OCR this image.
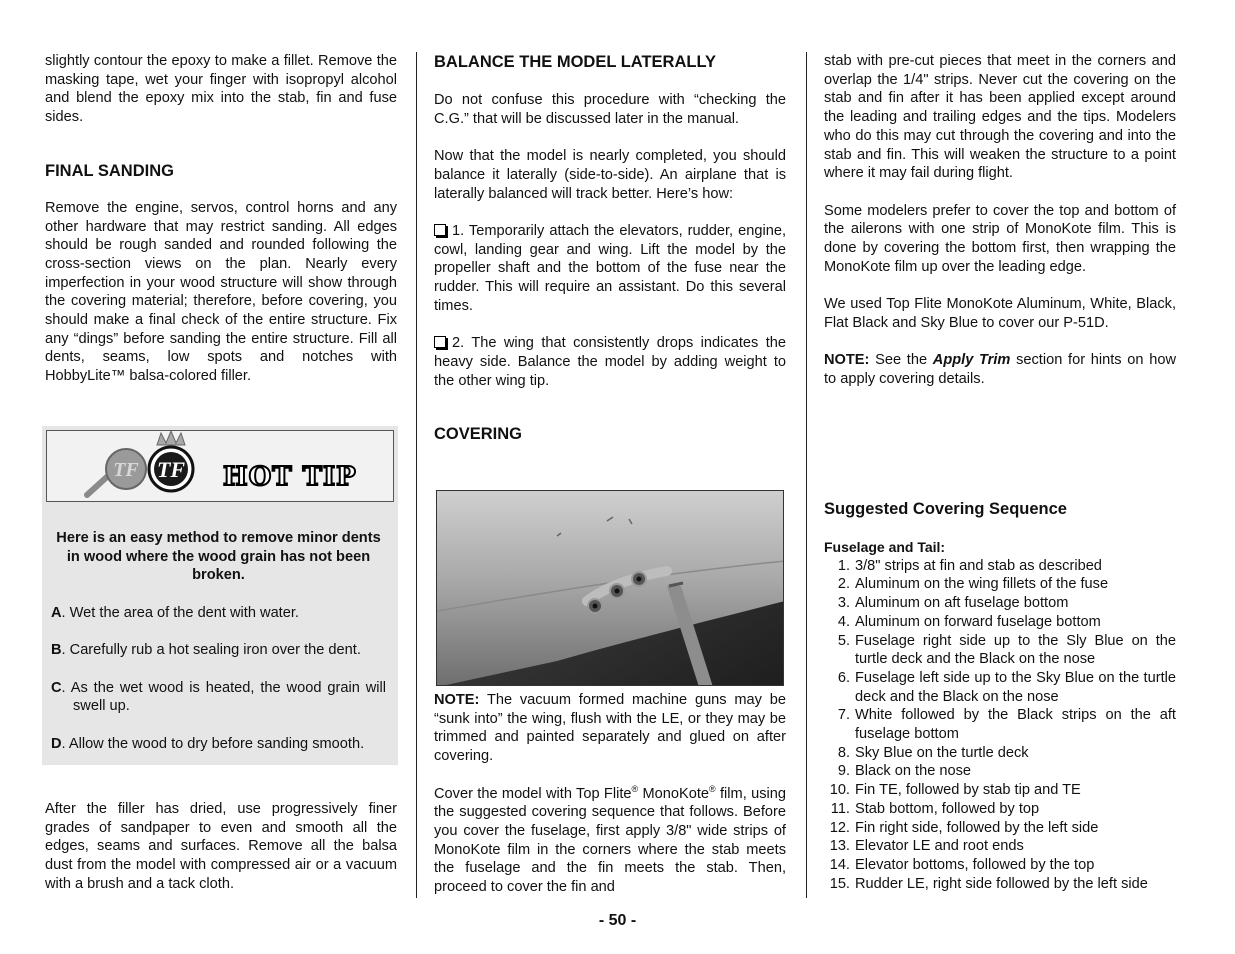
slightly contour the epoxy to make a fillet. Remove the masking tape, wet your finger with isopropyl alcohol and blend the epoxy mix into the stab, fin and fuse sides.

FINAL SANDING

Remove the engine, servos, control horns and any other hardware that may restrict sanding. All edges should be rough sanded and rounded following the cross-section views on the plan. Nearly every imperfection in your wood structure will show through the covering material; therefore, before covering, you should make a final check of the entire structure. Fix any “dings” before sanding the entire structure. Fill all dents, seams, low spots and notches with HobbyLite™ balsa-colored filler.

TF TF HOT TIP

Here is an easy method to remove minor dents in wood where the wood grain has not been broken.

A. Wet the area of the dent with water.

B. Carefully rub a hot sealing iron over the dent.

C. As the wet wood is heated, the wood grain will swell up.

D. Allow the wood to dry before sanding smooth.

After the filler has dried, use progressively finer grades of sandpaper to even and smooth all the edges, seams and surfaces. Remove all the balsa dust from the model with compressed air or a vacuum with a brush and a tack cloth.

BALANCE THE MODEL LATERALLY

Do not confuse this procedure with “checking the C.G.” that will be discussed later in the manual.

Now that the model is nearly completed, you should balance it laterally (side-to-side). An airplane that is laterally balanced will track better. Here’s how:

1. Temporarily attach the elevators, rudder, engine, cowl, landing gear and wing. Lift the model by the propeller shaft and the bottom of the fuse near the rudder. This will require an assistant. Do this several times.

2. The wing that consistently drops indicates the heavy side. Balance the model by adding weight to the other wing tip.

COVERING

NOTE: The vacuum formed machine guns may be “sunk into” the wing, flush with the LE, or they may be trimmed and painted separately and glued on after covering.

Cover the model with Top Flite® MonoKote® film, using the suggested covering sequence that follows. Before you cover the fuselage, first apply 3/8" wide strips of MonoKote film in the corners where the stab meets the fuselage and the fin meets the stab. Then, proceed to cover the fin and

stab with pre-cut pieces that meet in the corners and overlap the 1/4" strips. Never cut the covering on the stab and fin after it has been applied except around the leading and trailing edges and the tips. Modelers who do this may cut through the covering and into the stab and fin. This will weaken the structure to a point where it may fail during flight.

Some modelers prefer to cover the top and bottom of the ailerons with one strip of MonoKote film. This is done by covering the bottom first, then wrapping the MonoKote film up over the leading edge.

We used Top Flite MonoKote Aluminum, White, Black, Flat Black and Sky Blue to cover our P-51D.

NOTE: See the Apply Trim section for hints on how to apply covering details.

Suggested Covering Sequence
Fuselage and Tail:
1. 3/8" strips at fin and stab as described
2. Aluminum on the wing fillets of the fuse
3. Aluminum on aft fuselage bottom
4. Aluminum on forward fuselage bottom
5. Fuselage right side up to the Sly Blue on the turtle deck and the Black on the nose
6. Fuselage left side up to the Sky Blue on the turtle deck and the Black on the nose
7. White followed by the Black strips on the aft fuselage bottom
8. Sky Blue on the turtle deck
9. Black on the nose
10. Fin TE, followed by stab tip and TE
11. Stab bottom, followed by top
12. Fin right side, followed by the left side
13. Elevator LE and root ends
14. Elevator bottoms, followed by the top
15. Rudder LE, right side followed by the left side
- 50 -
